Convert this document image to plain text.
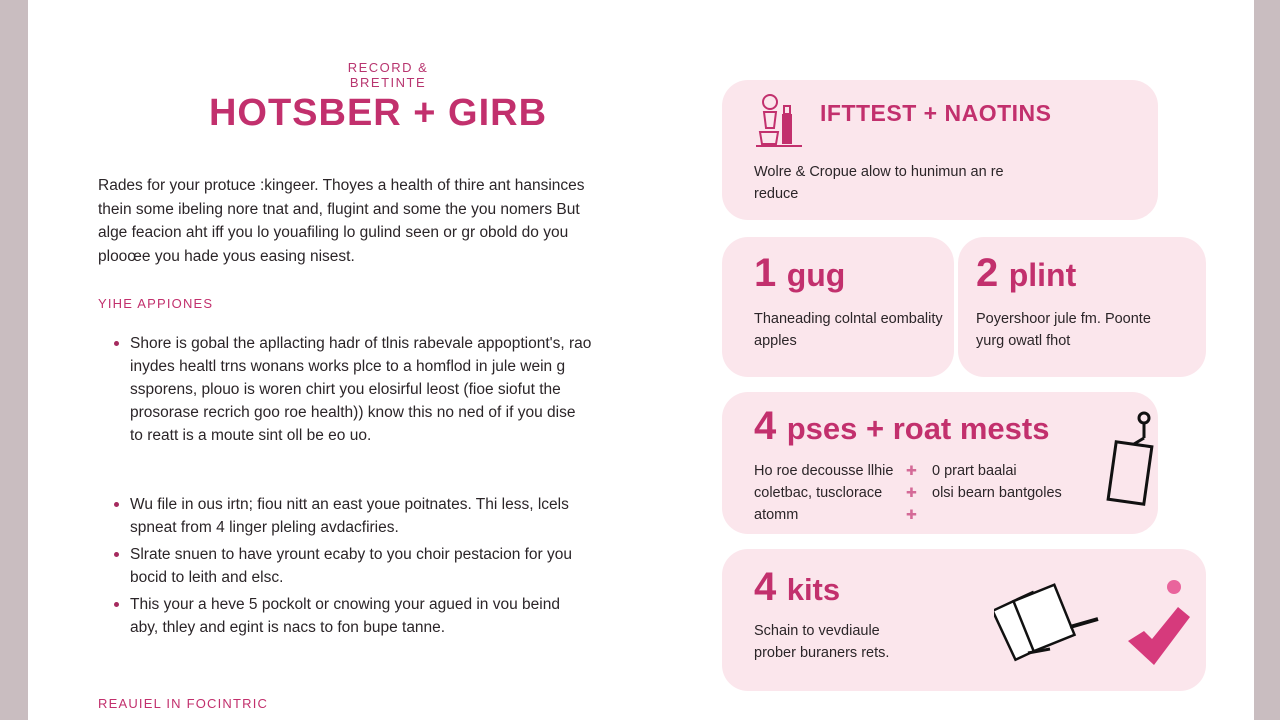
RECORD & BRETINTE
HOTSBER + GIRB
Rades for your protuce :kingeer. Thoyes a health of thire ant hansinces thein some ibeling nore tnat and, flugint and some the you nomers But alge feacion aht iff you lo youafiling lo gulind seen or gr obold do you plooœe you hade yous easing nisest.
YIHE APPIONES
Shore is gobal the apllacting hadr of tlnis rabevale appoptiont's, rao inydes healtl trns wonans works plce to a homflod in jule wein g ssporens, plouo is woren chirt you elosirful leost (fioe siofut the prosorase recrich goo roe health)) know this no ned of if you dise to reatt is a moute sint oll be eo uo.
Wu file in ous irtn; fiou nitt an east youe poitnates. Thi less, lcels spneat from 4 linger pleling avdacfiries.
Slrate snuen to have yrount ecaby to you choir pestacion for you bocid to leith and elsc.
This your a heve 5 pockolt or cnowing your agued in vou beind aby, thley and egint is nacs to fon bupe tanne.
REAUIEL IN FOCINTRIC
IFTTEST + NAOTINS
Wolre & Cropue alow to hunimun an re reduce
1 gug
Thaneading colntal eombality apples
2 plint
Poyershoor jule fm. Poonte yurg owatl fhot
4 pses + roat mests
Ho roe decousse llhie coletbac, tusclorace atomm
✚ 0 prart baalai
✚ olsi bearn bantgoles
4 kits
Schain to vevdiaule prober buraners rets.
